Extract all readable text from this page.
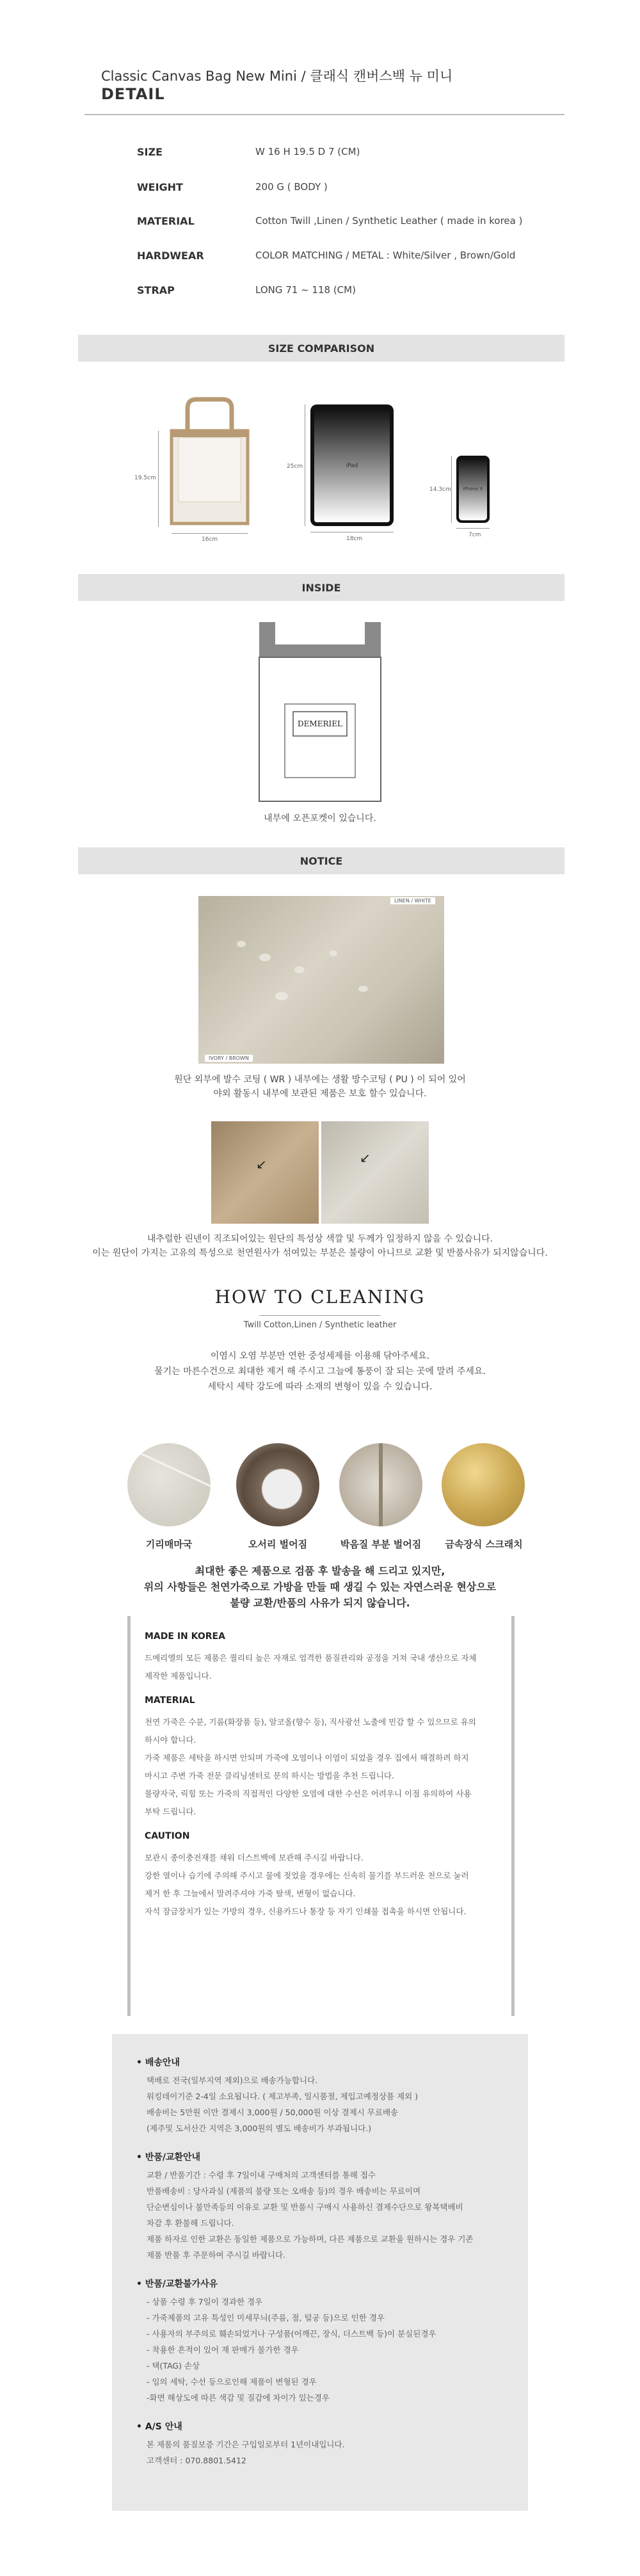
Classic Canvas Bag New Mini / 클래식 캔버스백 뉴 미니
DETAIL
SIZE	W 16 H 19.5 D 7 (CM)
WEIGHT	200 G ( BODY )
MATERIAL	Cotton Twill ,Linen / Synthetic Leather ( made in korea )
HARDWEAR	COLOR MATCHING / METAL : White/Silver , Brown/Gold
STRAP	LONG 71 ~ 118 (CM)
SIZE COMPARISON
19.5cm
16cm
iPad
25cm
18cm
iPhone X
14.3cm
7cm
INSIDE
DEMERIEL
내부에 오픈포켓이 있습니다.
NOTICE
LINEN / WHITE
IVORY / BROWN
원단 외부에 발수 코팅 ( WR ) 내부에는 생활 방수코팅 ( PU ) 이 되어 있어
야외 활동시 내부에 보관된 제품은 보호 할수 있습니다.
↙	↙
내추럴한 린넨이 직조되어있는 원단의 특성상 색깔 및 두께가 일정하지 않을 수 있습니다.
이는 원단이 가지는 고유의 특성으로 천연원사가 섞여있는 부분은 불량이 아니므로 교환 및 반품사유가 되지않습니다.
HOW TO CLEANING
Twill Cotton,Linen / Synthetic leather
이염시 오염 부분만 연한 중성세제를 이용해 닦아주세요.
물기는 마른수건으로 최대한 제거 해 주시고 그늘에 통풍이 잘 되는 곳에 말려 주세요.
세탁시 세탁 강도에 따라 소재의 변형이 있을 수 있습니다.
기리매마국	오서리 벌어짐	박음질 부분 벌어짐	금속장식 스크래치
최대한 좋은 제품으로 검품 후 발송을 해 드리고 있지만,
위의 사항들은 천연가죽으로 가방을 만들 때 생길 수 있는 자연스러운 현상으로
불량 교환/반품의 사유가 되지 않습니다.
MADE IN KOREA

드메리엘의 모든 제품은 퀄리티 높은 자재로 엄격한 품질관리와 공정을 거쳐 국내 생산으로 자체

제작한 제품입니다.

MATERIAL

천연 가죽은 수분, 기름(화장품 등), 알코올(향수 등), 직사광선 노출에 민감 할 수 있으므로 유의

하시야 합니다.

가죽 제품은 세탁을 하시면 안되며 가죽에 오염이나 이염이 되었을 경우 집에서 해결하려 하지

마시고 주변 가죽 전문 클리닝센터로 문의 하시는 방법을 추천 드립니다.

불량자국, 릭힘 또는 가죽의 직접적인 다양한 오염에 대한 수선은 어려우니 이점 유의하여 사용

부탁 드립니다.

CAUTION

보관시 종이충전재를 채워 더스트백에 보관해 주시길 바랍니다.

강한 열이나 습기에 주의해 주시고 물에 젖었을 경우에는 신속히 물기를 부드러운 천으로 눌러

제거 한 후 그늘에서 말려주셔야 가죽 탈색, 변형이 없습니다.

자석 잠금장치가 있는 가방의 경우, 신용카드나 통장 등 자기 인쇄물 접촉을 하시면 안됩니다.

• 배송안내

택배로 전국(일부지역 제외)으로 배송가능합니다.

워킹데이기준 2-4일 소요됩니다. ( 제고부족, 일시품절, 제입고예정상품 제외 )

배송비는 5만원 이만 결제시 3,000원 / 50,000원 이상 결제시 무료배송

(제주및 도서산간 지역은 3,000원의 별도 배송비가 부과됩니다.)

• 반품/교환안내

교환 / 반품기간 : 수령 후 7일이내 구매처의 고객센터를 통해 접수

반품배송비 : 당사과실 (제품의 불량 또는 오배송 등)의 경우 배송비는 무료이며

단순변심이나 불만족등의 이유로 교환 및 반품시 구매시 사용하신 결제수단으로 왕복택배비

차감 후 환불해 드립니다.

제품 하자로 인한 교환은 동일한 제품으로 가능하며, 다른 제품으로 교환을 원하시는 경우 기존

제품 반품 후 주문하여 주시길 바랍니다.

• 반품/교환불가사유

- 상품 수령 후 7일이 경과한 경우

- 가죽제품의 고유 특성인 미세무늬(주름, 점, 털공 등)으로 인한 경우

- 사용자의 부주의로 훼손되었거나 구성품(어깨끈, 장식, 더스트백 등)이 분실된경우

- 착용한 흔적이 있어 재 판매가 불가한 경우

- 택(TAG) 손상

- 임의 세탁, 수선 등으로인해 제품이 변형된 경우

-화면 해상도에 따른 색감 및 질감에 차이가 있는경우

• A/S 안내

본 제품의 품질보증 기간은 구입일로부터 1년이내입니다.

고객센터 : 070.8801.5412
